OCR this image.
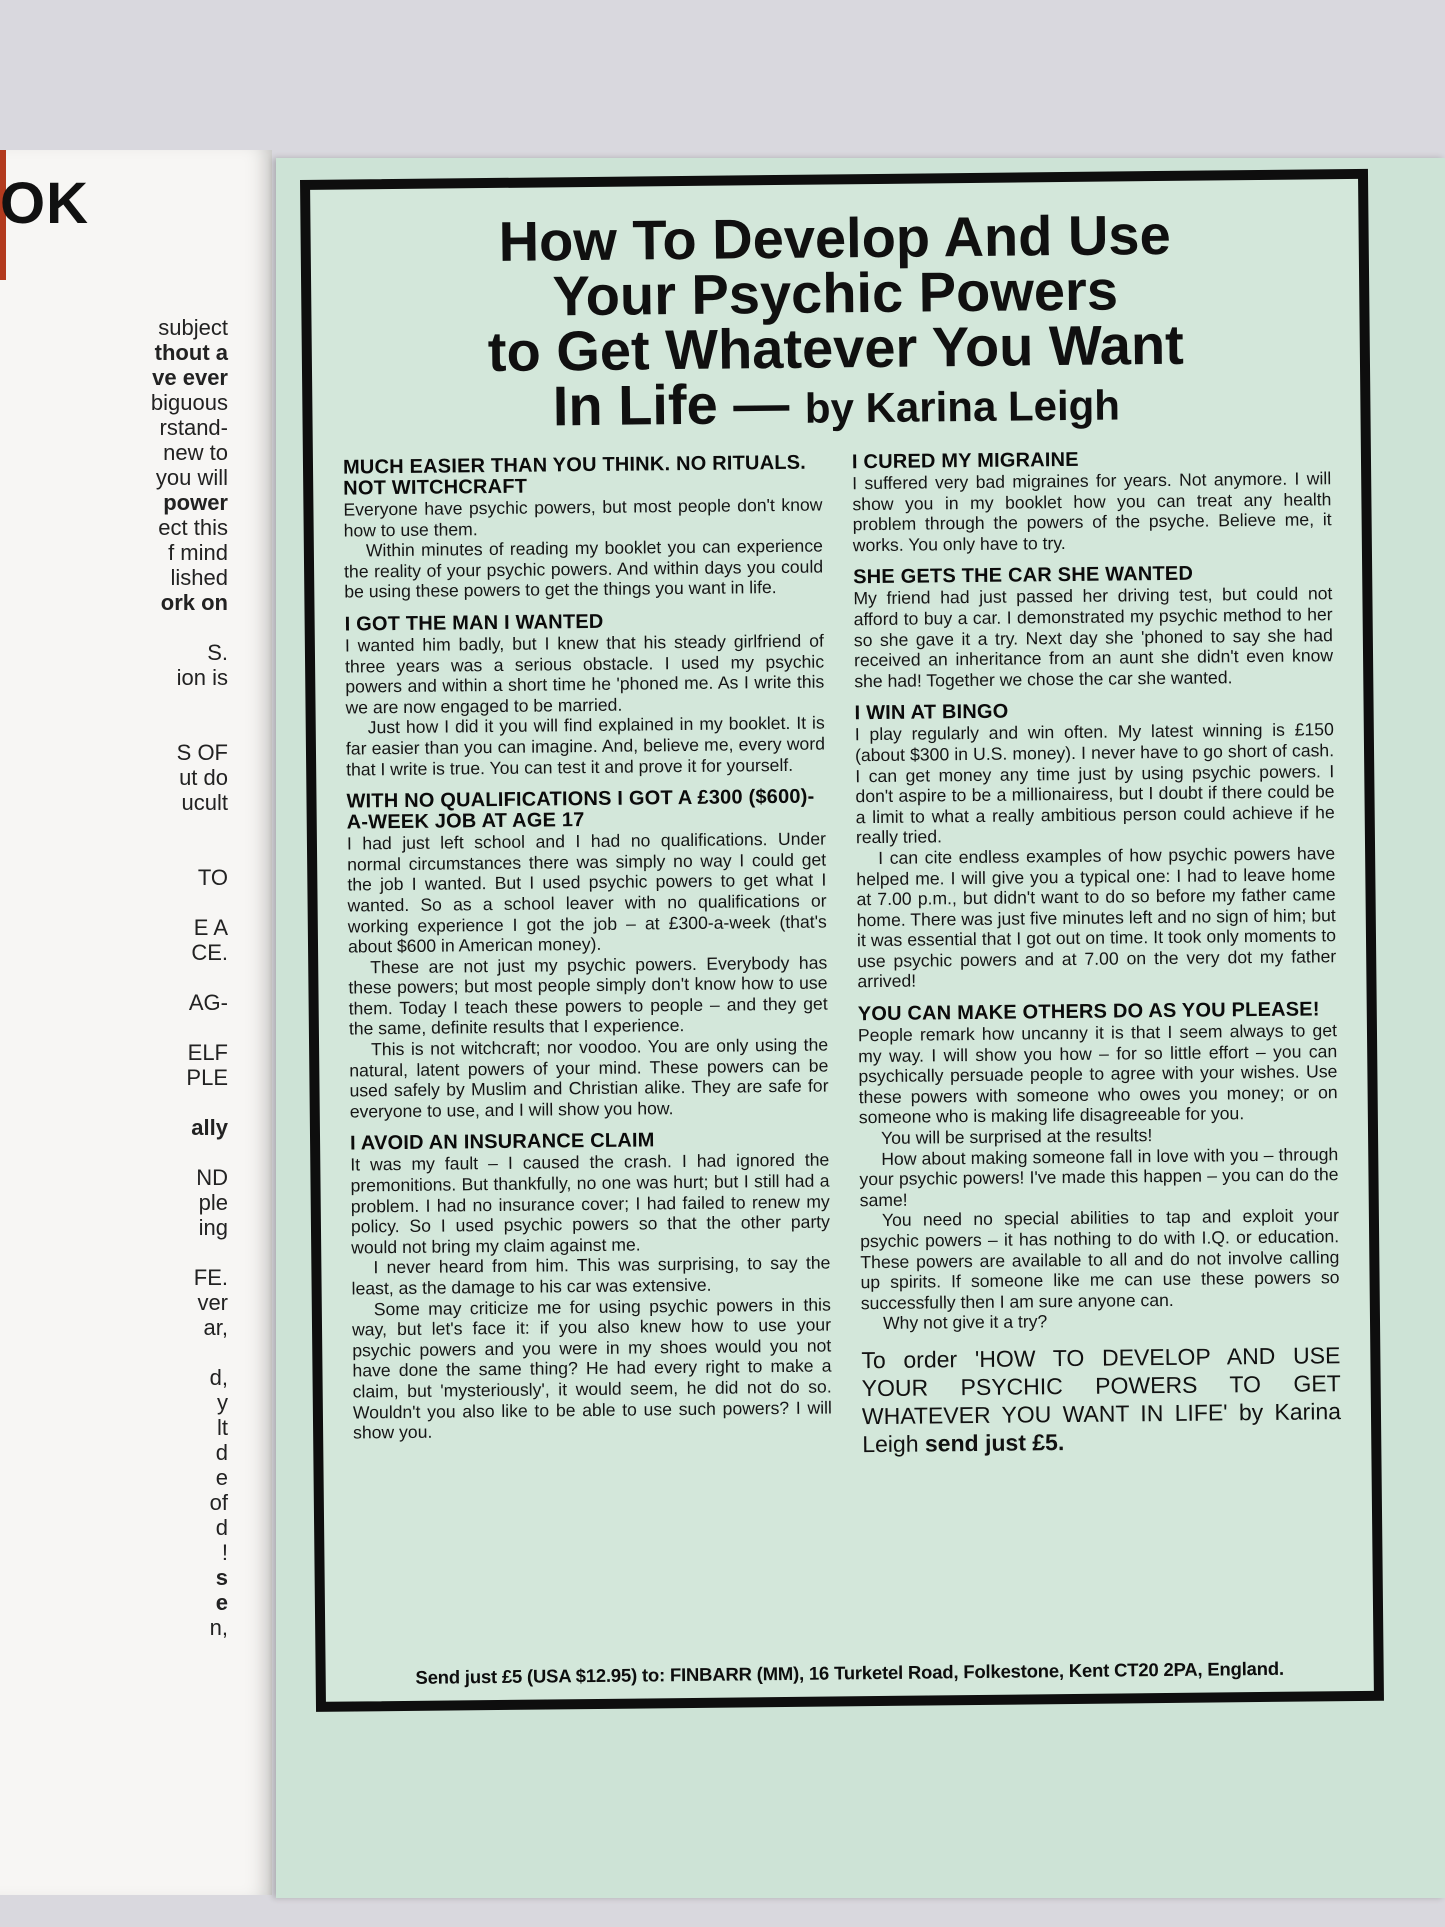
OK
subject
thout a
ve ever
biguous
rstand-
new to
you will
power
ect this
f mind
lished
ork on
S.
ion is
S OF
ut do
ucult
TO
E A
CE.
AG-
ELF
PLE
ally
ND
ple
ing
FE.
ver
ar,
d,
y
lt
d
e
of
d
!
s
e
n,
How To Develop And Use
Your Psychic Powers
to Get Whatever You Want
In Life — by Karina Leigh
MUCH EASIER THAN YOU THINK. NO RITUALS. NOT WITCHCRAFT

Everyone have psychic powers, but most people don't know how to use them.

Within minutes of reading my booklet you can experience the reality of your psychic powers. And within days you could be using these powers to get the things you want in life.

I GOT THE MAN I WANTED

I wanted him badly, but I knew that his steady girlfriend of three years was a serious obstacle. I used my psychic powers and within a short time he 'phoned me. As I write this we are now engaged to be married.

Just how I did it you will find explained in my booklet. It is far easier than you can imagine. And, believe me, every word that I write is true. You can test it and prove it for yourself.

WITH NO QUALIFICATIONS I GOT A £300 ($600)-A-WEEK JOB AT AGE 17

I had just left school and I had no qualifications. Under normal circumstances there was simply no way I could get the job I wanted. But I used psychic powers to get what I wanted. So as a school leaver with no qualifications or working experience I got the job – at £300-a-week (that's about $600 in American money).

These are not just my psychic powers. Everybody has these powers; but most people simply don't know how to use them. Today I teach these powers to people – and they get the same, definite results that I experience.

This is not witchcraft; nor voodoo. You are only using the natural, latent powers of your mind. These powers can be used safely by Muslim and Christian alike. They are safe for everyone to use, and I will show you how.

I AVOID AN INSURANCE CLAIM

It was my fault – I caused the crash. I had ignored the premonitions. But thankfully, no one was hurt; but I still had a problem. I had no insurance cover; I had failed to renew my policy. So I used psychic powers so that the other party would not bring my claim against me.

I never heard from him. This was surprising, to say the least, as the damage to his car was extensive.

Some may criticize me for using psychic powers in this way, but let's face it: if you also knew how to use your psychic powers and you were in my shoes would you not have done the same thing? He had every right to make a claim, but 'mysteriously', it would seem, he did not do so. Wouldn't you also like to be able to use such powers? I will show you.

I CURED MY MIGRAINE

I suffered very bad migraines for years. Not anymore. I will show you in my booklet how you can treat any health problem through the powers of the psyche. Believe me, it works. You only have to try.

SHE GETS THE CAR SHE WANTED

My friend had just passed her driving test, but could not afford to buy a car. I demonstrated my psychic method to her so she gave it a try. Next day she 'phoned to say she had received an inheritance from an aunt she didn't even know she had! Together we chose the car she wanted.

I WIN AT BINGO

I play regularly and win often. My latest winning is £150 (about $300 in U.S. money). I never have to go short of cash. I can get money any time just by using psychic powers. I don't aspire to be a millionairess, but I doubt if there could be a limit to what a really ambitious person could achieve if he really tried.

I can cite endless examples of how psychic powers have helped me. I will give you a typical one: I had to leave home at 7.00 p.m., but didn't want to do so before my father came home. There was just five minutes left and no sign of him; but it was essential that I got out on time. It took only moments to use psychic powers and at 7.00 on the very dot my father arrived!

YOU CAN MAKE OTHERS DO AS YOU PLEASE!

People remark how uncanny it is that I seem always to get my way. I will show you how – for so little effort – you can psychically persuade people to agree with your wishes. Use these powers with someone who owes you money; or on someone who is making life disagreeable for you.

You will be surprised at the results!

How about making someone fall in love with you – through your psychic powers! I've made this happen – you can do the same!

You need no special abilities to tap and exploit your psychic powers – it has nothing to do with I.Q. or education. These powers are available to all and do not involve calling up spirits. If someone like me can use these powers so successfully then I am sure anyone can.

Why not give it a try?

To order 'HOW TO DEVELOP AND USE YOUR PSYCHIC POWERS TO GET WHATEVER YOU WANT IN LIFE' by Karina Leigh send just £5.
Send just £5 (USA $12.95) to: FINBARR (MM), 16 Turketel Road, Folkestone, Kent CT20 2PA, England.
